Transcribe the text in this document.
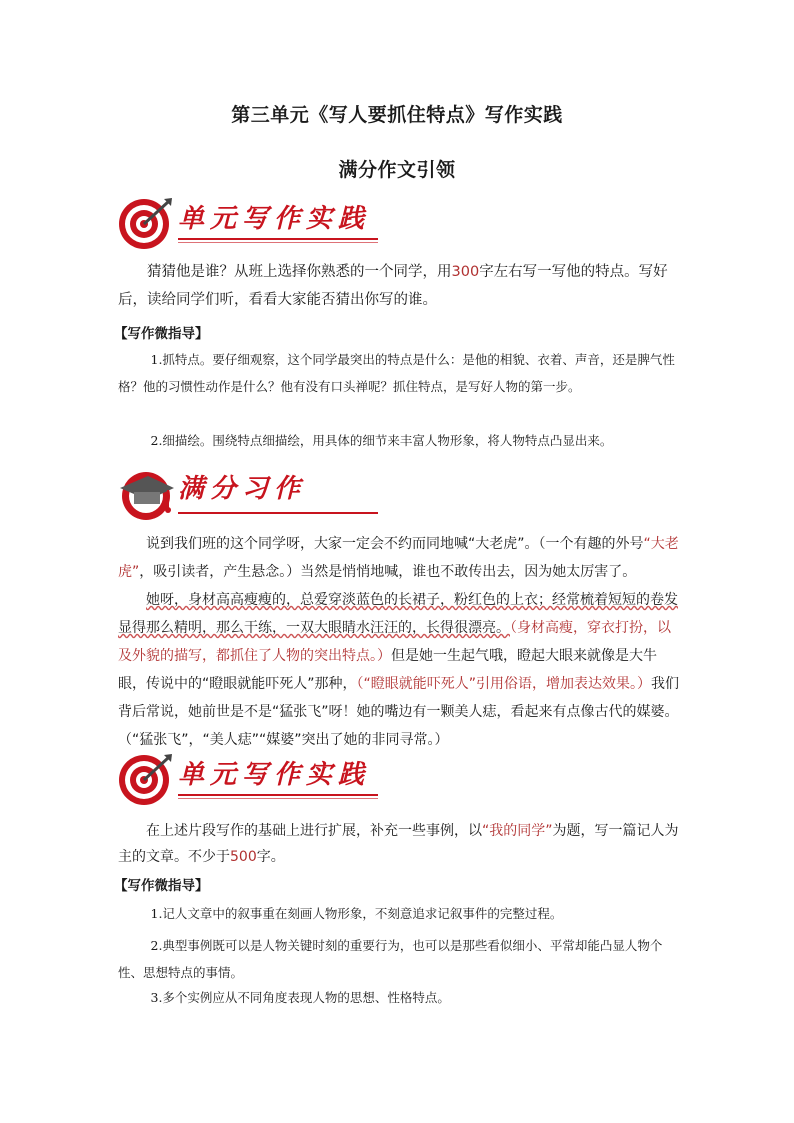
第三单元《写人要抓住特点》写作实践
满分作文引领
单元写作实践
猜猜他是谁？从班上选择你熟悉的一个同学，用300字左右写一写他的特点。写好后，读给同学们听，看看大家能否猜出你写的谁。
【写作微指导】
1.抓特点。要仔细观察，这个同学最突出的特点是什么：是他的相貌、衣着、声音，还是脾气性格？他的习惯性动作是什么？他有没有口头禅呢？抓住特点，是写好人物的第一步。
2.细描绘。围绕特点细描绘，用具体的细节来丰富人物形象，将人物特点凸显出来。
满分习作

说到我们班的这个同学呀，大家一定会不约而同地喊“大老虎”。（一个有趣的外号“大老虎”，吸引读者，产生悬念。）当然是悄悄地喊，谁也不敢传出去，因为她太厉害了。

她呀，身材高高瘦瘦的，总爱穿淡蓝色的长裙子，粉红色的上衣；经常梳着短短的卷发显得那么精明，那么干练，一双大眼睛水汪汪的，长得很漂亮。（身材高瘦，穿衣打扮，以及外貌的描写，都抓住了人物的突出特点。）但是她一生起气哦，瞪起大眼来就像是大牛眼，传说中的“瞪眼就能吓死人”那种，（“瞪眼就能吓死人”引用俗语，增加表达效果。）我们背后常说，她前世是不是“猛张飞”呀！她的嘴边有一颗美人痣，看起来有点像古代的媒婆。（“猛张飞”，“美人痣”“媒婆”突出了她的非同寻常。）

单元写作实践
在上述片段写作的基础上进行扩展，补充一些事例，以“我的同学”为题，写一篇记人为主的文章。不少于500字。
【写作微指导】
1.记人文章中的叙事重在刻画人物形象，不刻意追求记叙事件的完整过程。
2.典型事例既可以是人物关键时刻的重要行为，也可以是那些看似细小、平常却能凸显人物个性、思想特点的事情。
3.多个实例应从不同角度表现人物的思想、性格特点。
